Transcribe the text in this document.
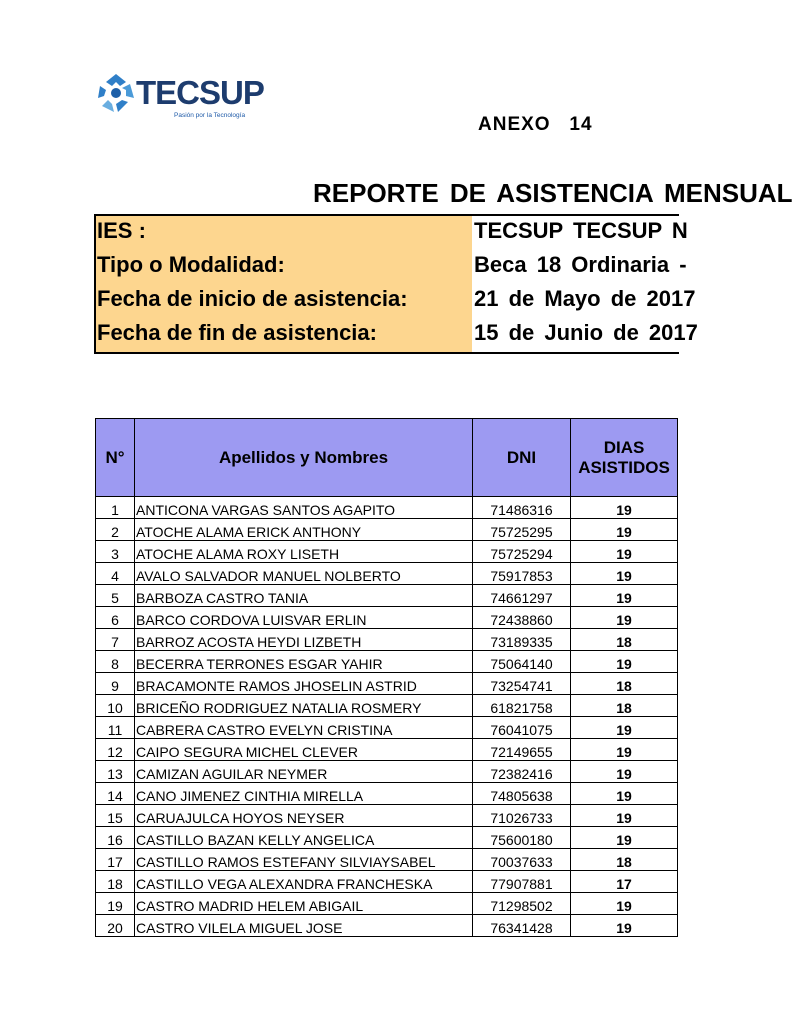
TECSUP
Pasión por la Tecnología	ANEXO   14
REPORTE DE ASISTENCIA MENSUAL
IES :	TECSUP TECSUP N
Tipo o Modalidad:	Beca 18 Ordinaria -
Fecha de inicio de asistencia:	21 de Mayo de 2017
Fecha de fin de asistencia:	15 de Junio de 2017
N°	Apellidos y Nombres	DNI	DIAS
ASISTIDOS
1	ANTICONA VARGAS SANTOS AGAPITO	71486316	19
2	ATOCHE ALAMA ERICK ANTHONY	75725295	19
3	ATOCHE ALAMA ROXY LISETH	75725294	19
4	AVALO SALVADOR MANUEL NOLBERTO	75917853	19
5	BARBOZA CASTRO TANIA	74661297	19
6	BARCO CORDOVA LUISVAR ERLIN	72438860	19
7	BARROZ ACOSTA HEYDI LIZBETH	73189335	18
8	BECERRA TERRONES ESGAR YAHIR	75064140	19
9	BRACAMONTE RAMOS JHOSELIN ASTRID	73254741	18
10	BRICEÑO RODRIGUEZ NATALIA ROSMERY	61821758	18
11	CABRERA CASTRO EVELYN CRISTINA	76041075	19
12	CAIPO SEGURA MICHEL CLEVER	72149655	19
13	CAMIZAN AGUILAR NEYMER	72382416	19
14	CANO JIMENEZ CINTHIA MIRELLA	74805638	19
15	CARUAJULCA HOYOS NEYSER	71026733	19
16	CASTILLO BAZAN KELLY ANGELICA	75600180	19
17	CASTILLO RAMOS ESTEFANY SILVIAYSABEL	70037633	18
18	CASTILLO VEGA ALEXANDRA FRANCHESKA	77907881	17
19	CASTRO MADRID HELEM ABIGAIL	71298502	19
20	CASTRO VILELA MIGUEL JOSE	76341428	19
